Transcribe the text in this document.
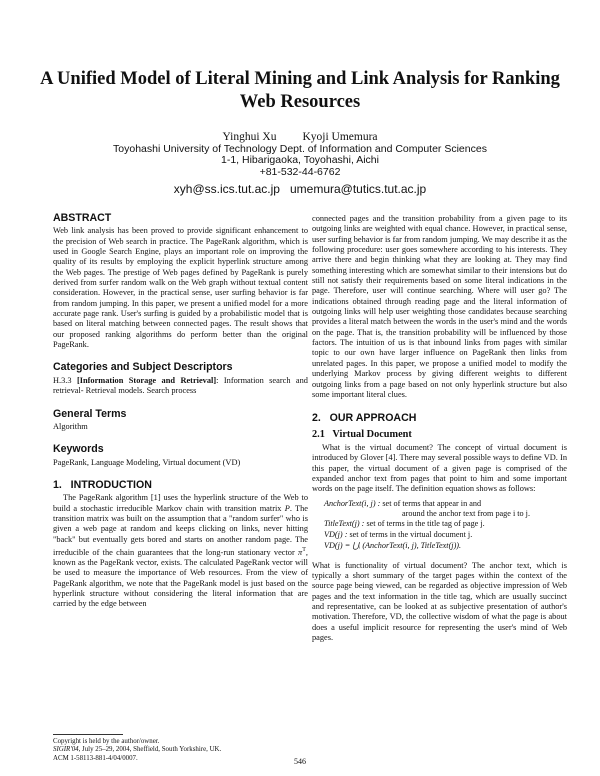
A Unified Model of Literal Mining and Link Analysis for Ranking Web Resources
Yinghui Xu Kyoji Umemura
Toyohashi University of Technology Dept. of Information and Computer Sciences
1-1, Hibarigaoka, Toyohashi, Aichi
+81-532-44-6762
xyh@ss.ics.tut.ac.jp   umemura@tutics.tut.ac.jp
ABSTRACT

Web link analysis has been proved to provide significant enhancement to the precision of Web search in practice. The PageRank algorithm, which is used in Google Search Engine, plays an important role on improving the quality of its results by employing the explicit hyperlink structure among the Web pages. The prestige of Web pages defined by PageRank is purely derived from surfer random walk on the Web graph without textual content consideration. However, in the practical sense, user surfing behavior is far from random jumping. In this paper, we present a unified model for a more accurate page rank. User's surfing is guided by a probabilistic model that is based on literal matching between connected pages. The result shows that our proposed ranking algorithms do perform better than the original PageRank.

Categories and Subject Descriptors

H.3.3 [Information Storage and Retrieval]: Information search and retrieval- Retrieval models. Search process

General Terms

Algorithm

Keywords

PageRank, Language Modeling, Virtual document (VD)

1.   INTRODUCTION

The PageRank algorithm [1] uses the hyperlink structure of the Web to build a stochastic irreducible Markov chain with transition matrix P. The transition matrix was built on the assumption that a "random surfer" who is given a web page at random and keeps clicking on links, never hitting "back" but eventually gets bored and starts on another random page. The irreducible of the chain guarantees that the long-run stationary vector $\pi^T$, known as the PageRank vector, exists. The calculated PageRank vector will be used to measure the importance of Web resources. From the view of PageRank algorithm, we note that the PageRank model is just based on the hyperlink structure without considering the literal information that are carried by the edge between

Copyright is held by the author/owner.
SIGIR'04, July 25–29, 2004, Sheffield, South Yorkshire, UK.
ACM 1-58113-881-4/04/0007.

connected pages and the transition probability from a given page to its outgoing links are weighted with equal chance. However, in practical sense, user surfing behavior is far from random jumping. We may describe it as the following procedure: user goes somewhere according to his interests. They arrive there and begin thinking what they are looking at. They may find something interesting which are somewhat similar to their intensions but do still not satisfy their requirements based on some literal indications in the page. Therefore, user will continue searching. Where will user go? The indications obtained through reading page and the literal information of outgoing links will help user weighting those candidates because searching provides a literal match between the words in the user's mind and the words on the page. That is, the transition probability will be influenced by those factors. The intuition of us is that inbound links from pages with similar topic to our own have larger influence on PageRank then links from unrelated pages. In this paper, we propose a unified model to modify the underlying Markov process by giving different weights to different outgoing links from a page based on not only hyperlink structure but also some important literal clues.

2.   OUR APPROACH
2.1   Virtual Document

What is the virtual document? The concept of virtual document is introduced by Glover [4]. There may several possible ways to define VD. In this paper, the virtual document of a given page is comprised of the expanded anchor text from pages that point to him and some important words on the page itself. The definition equation shows as follows:

AnchorText(i, j) : set of terms that appear in and
around the anchor text from page i to j.
TitleText(j) : set of terms in the title tag of page j.
VD(j) : set of terms in the virtual document j.
VD(j) = ⋃ᵢ (AnchorText(i, j), TitleText(j)).

What is functionality of virtual document? The anchor text, which is typically a short summary of the target pages within the context of the source page being viewed, can be regarded as objective impression of Web pages and the text information in the title tag, which are usually succinct and representative, can be looked at as subjective presentation of author's motivation. Therefore, VD, the collective wisdom of what the page is about does a useful implicit resource for representing the user's mind of Web pages.

546
